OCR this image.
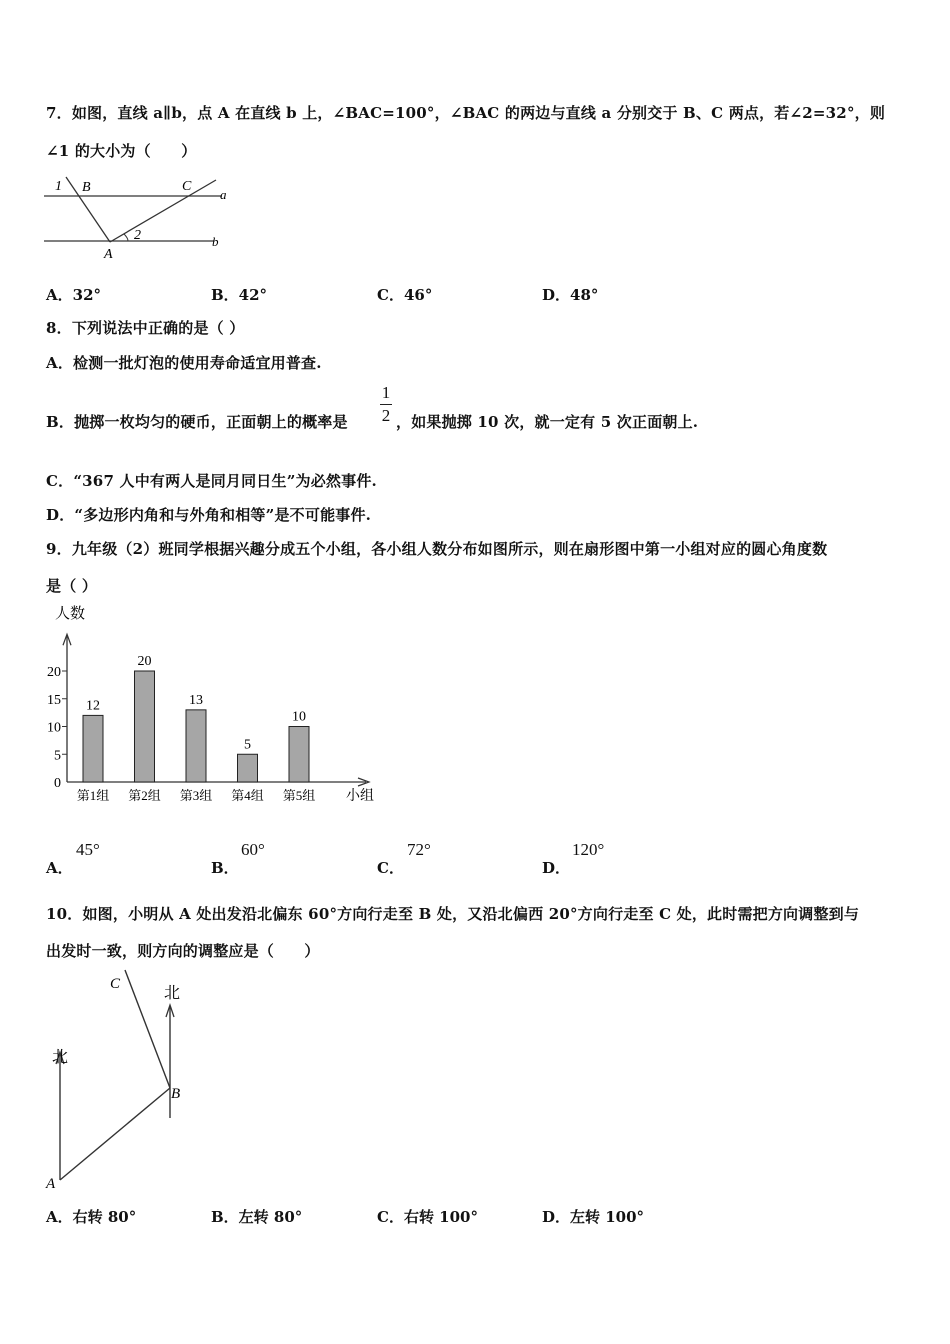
7．如图，直线 a∥b，点 A 在直线 b 上，∠BAC=100°，∠BAC 的两边与直线 a 分别交于 B、C 两点，若∠2=32°，则
∠1 的大小为（　　）
1 B	C
a
2	b
A
A．32°	B．42°	C．46°	D．48°
8．下列说法中正确的是（ ）
A．检测一批灯泡的使用寿命适宜用普查.
B．抛掷一枚均匀的硬币，正面朝上的概率是
1
2 ，如果抛掷 10 次，就一定有 5 次正面朝上.
C．“367 人中有两人是同月同日生”为必然事件.
D．“多边形内角和与外角和相等”是不可能事件.
9．九年级（2）班同学根据兴趣分成五个小组，各小组人数分布如图所示，则在扇形图中第一小组对应的圆心角度数
是（ ）
人数
小组
0
5
10
15
20
12
第1组
20
第2组
13
第3组
5
第4组
10
第5组
A．
45°
B．
60°
C．
72°
D．
120°
10．如图，小明从 A 处出发沿北偏东 60°方向行走至 B 处，又沿北偏西 20°方向行走至 C 处，此时需把方向调整到与
出发时一致，则方向的调整应是（　　）
C
北
北
B
A
A．右转 80°	B．左转 80°	C．右转 100°	D．左转 100°
